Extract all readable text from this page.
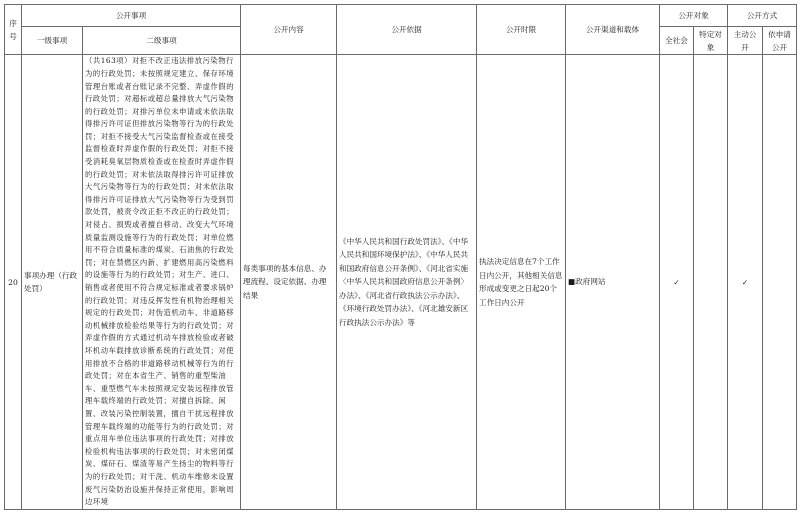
序号	公开事项		公开内容	公开依据	公开时限	公开渠道和载体	公开对象		公开方式	
	一级事项	二级事项					全社会	特定对象	主动公开	依申请公开
20	事项办理（行政处罚）	（共163项）对拒不改正违法排放污染物行为的行政处罚；未按照规定建立、保存环境管理台账或者台账记录不完整、弄虚作假的行政处罚；对超标或超总量排放大气污染物的行政处罚；对排污单位未申请或未依法取得排污许可证但排放污染物等行为的行政处罚；对拒不接受大气污染监督检查或在接受监督检查时弄虚作假的行政处罚；对拒不接受消耗臭氧层物质检查或在检查时弄虚作假的行政处罚；对未依法取得排污许可证排放大气污染物等行为的行政处罚；对未依法取得排污许可证排放大气污染物等行为受到罚款处罚，被责令改正拒不改正的行政处罚；对侵占、损毁或者擅自移动、改变大气环境质量监测设施等行为的行政处罚；对单位燃用不符合质量标准的煤炭、石油焦的行政处罚；对在禁燃区内新、扩建燃用高污染燃料的设施等行为的行政处罚；对生产、进口、销售或者使用不符合规定标准或者要求锅炉的行政处罚；对违反挥发性有机物治理相关规定的行政处罚；对伪造机动车、非道路移动机械排放检验结果等行为的行政处罚；对弄虚作假的方式通过机动车排放检验或者破坏机动车载排放诊断系统的行政处罚；对使用排放不合格的非道路移动机械等行为的行政处罚；对在本省生产、销售的重型柴油车、重型燃气车未按照规定安装远程排放管理车载终端的行政处罚；对擅自拆除、闲置、改装污染控制装置，擅自干扰远程排放管理车载终端的功能等行为的行政处罚；对重点用车单位违法事项的行政处罚；对排放检验机构违法事项的行政处罚；对未密闭煤炭、煤矸石、煤渣等易产生扬尘的物料等行为的行政处罚；对干洗、机动车维修未设置废气污染防治设施并保持正常使用，影响周边环境	每类事项的基本信息、办理流程、设定依据、办理结果	《中华人民共和国行政处罚法》、《中华人民共和国环境保护法》、《中华人民共和国政府信息公开条例》、《河北省实施〈中华人民共和国政府信息公开条例〉办法》、《河北省行政执法公示办法》、《环境行政处罚办法》、《河北雄安新区行政执法公示办法》等	执法决定信息在7个工作日内公开，其他相关信息形成或变更之日起20个工作日内公开	■政府网站	✓		✓	
